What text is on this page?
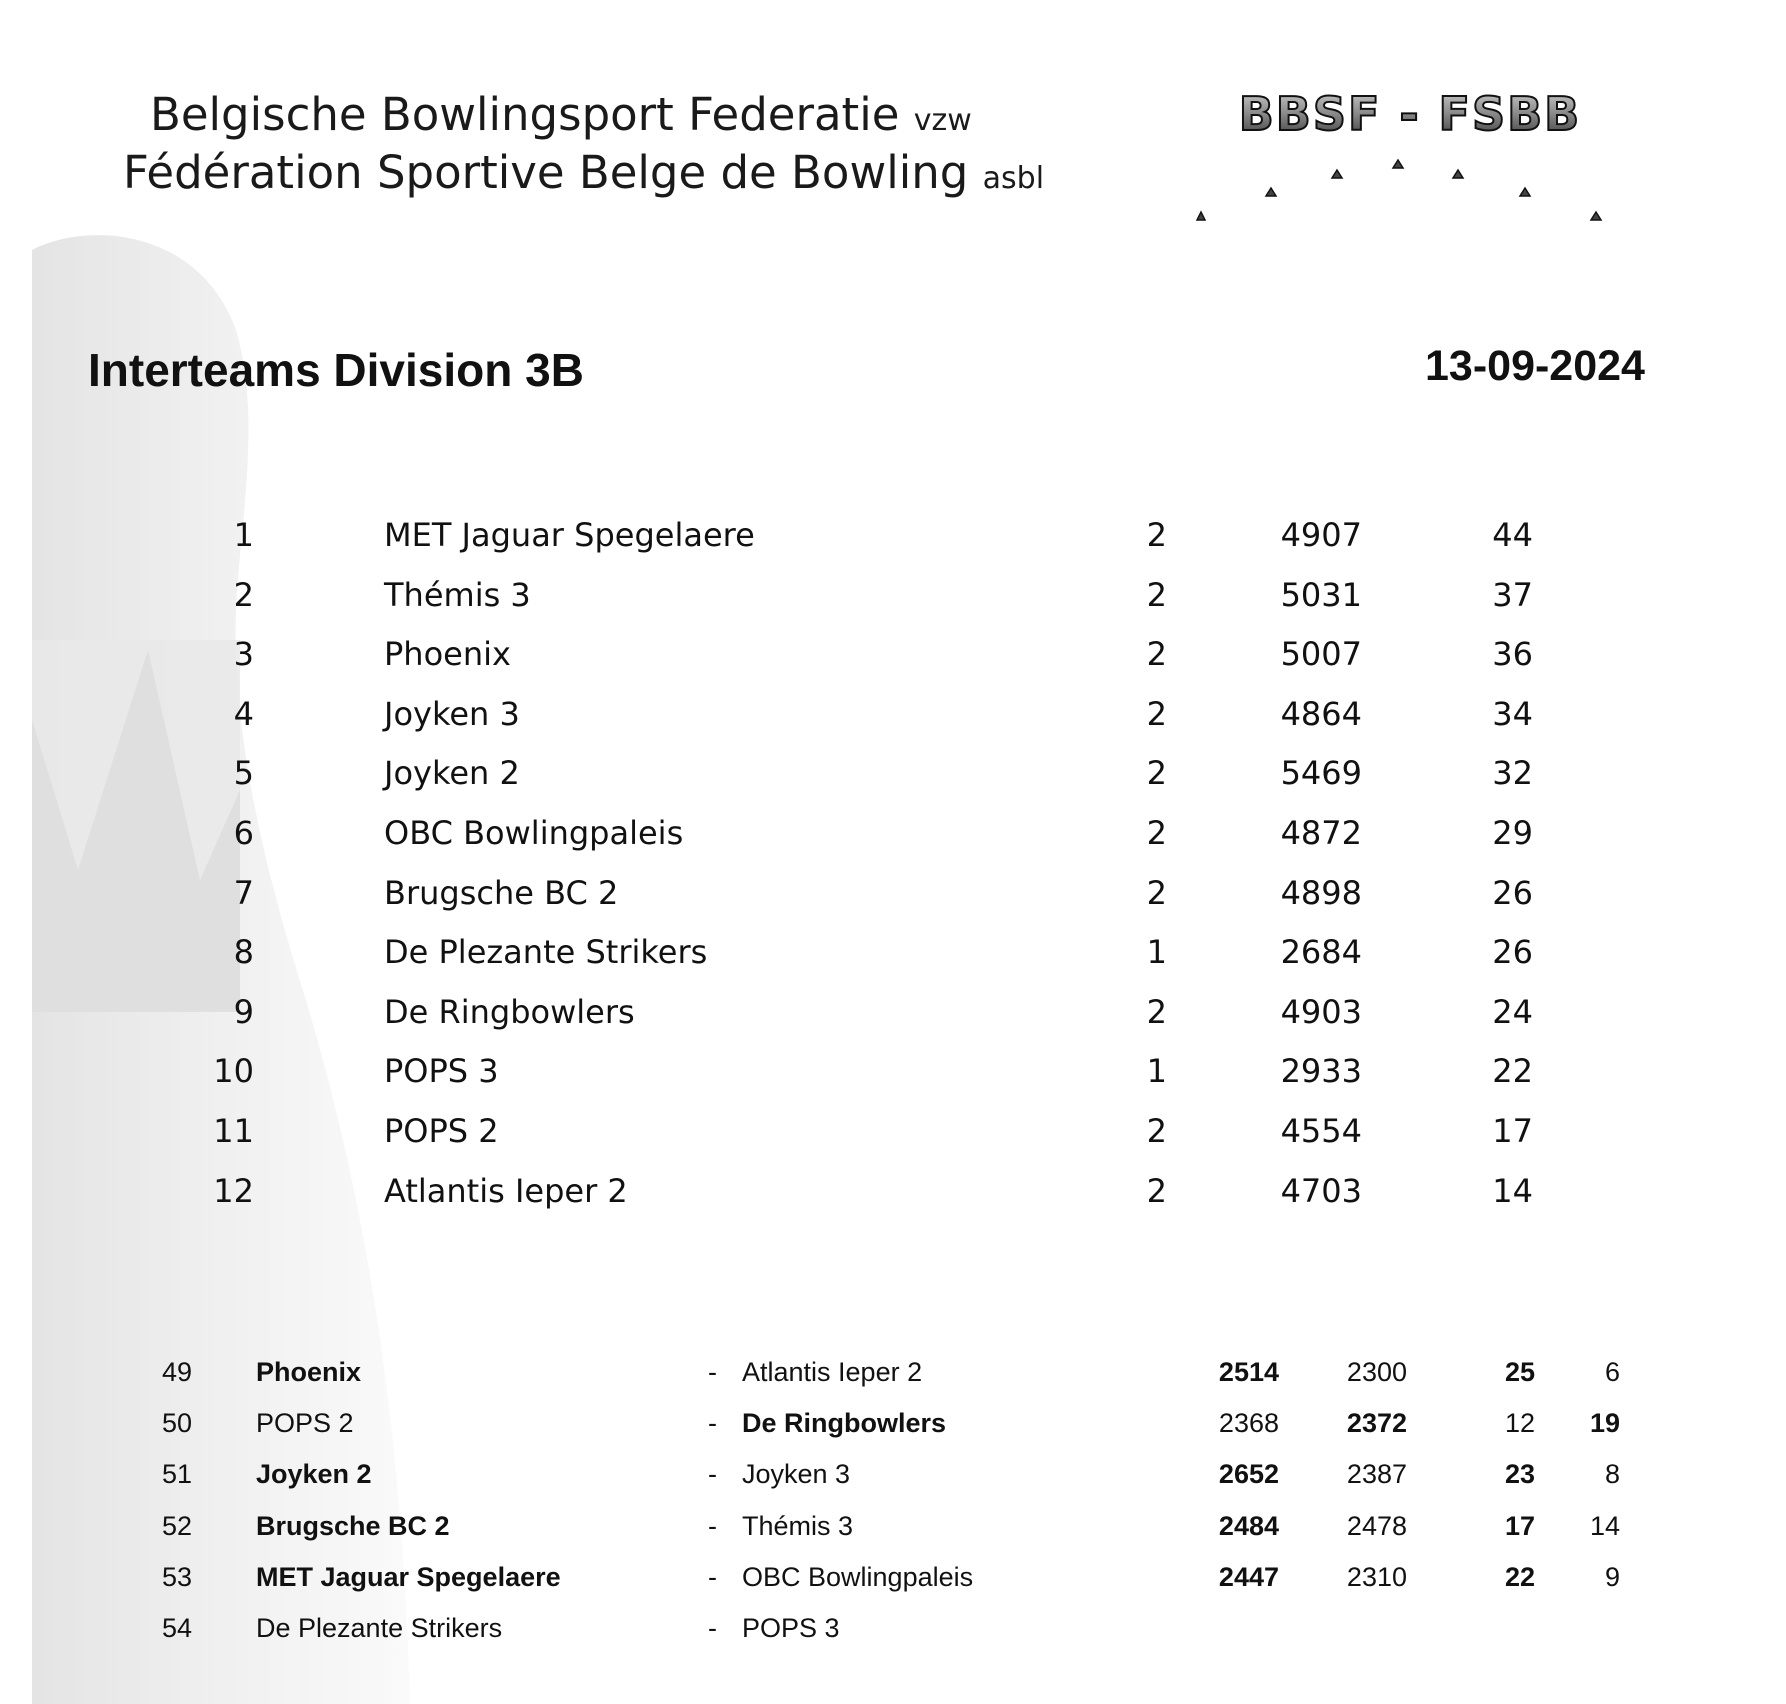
Belgische Bowlingsport Federatie vzw
Fédération Sportive Belge de Bowling asbl
BBSF - FSBB
Interteams Division 3B	13-09-2024
1	MET Jaguar Spegelaere	2	4907	44
2	Thémis 3	2	5031	37
3	Phoenix	2	5007	36
4	Joyken 3	2	4864	34
5	Joyken 2	2	5469	32
6	OBC Bowlingpaleis	2	4872	29
7	Brugsche BC 2	2	4898	26
8	De Plezante Strikers	1	2684	26
9	De Ringbowlers	2	4903	24
10	POPS 3	1	2933	22
11	POPS 2	2	4554	17
12	Atlantis Ieper 2	2	4703	14
49 Phoenix	- Atlantis Ieper 2	2514	2300	25	6
50 POPS 2	- De Ringbowlers	2368	2372	12 19
51 Joyken 2	- Joyken 3	2652	2387	23	8
52 Brugsche BC 2	- Thémis 3	2484	2478	17 14
53 MET Jaguar Spegelaere	- OBC Bowlingpaleis	2447	2310	22	9
54 De Plezante Strikers	- POPS 3
